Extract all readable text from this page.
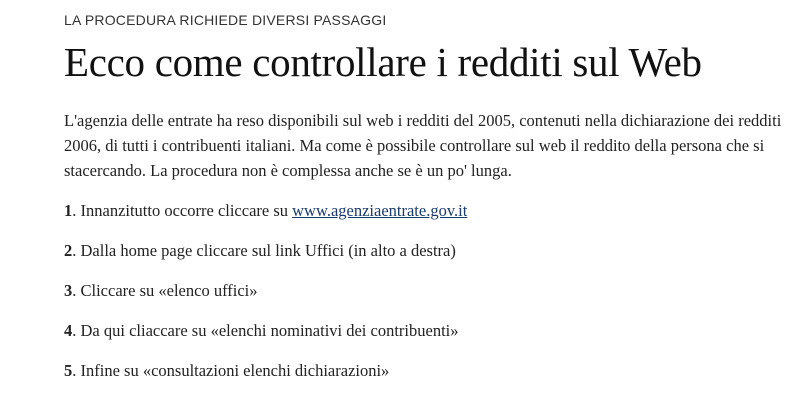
LA PROCEDURA RICHIEDE DIVERSI PASSAGGI
Ecco come controllare i redditi sul Web

L'agenzia delle entrate ha reso disponibili sul web i redditi del 2005, contenuti nella dichiarazione dei redditi 2006, di tutti i contribuenti italiani. Ma come è possibile controllare sul web il reddito della persona che si stacercando. La procedura non è complessa anche se è un po' lunga.

1. Innanzitutto occorre cliccare su www.agenziaentrate.gov.it
2. Dalla home page cliccare sul link Uffici (in alto a destra)
3. Cliccare su «elenco uffici»
4. Da qui cliaccare su «elenchi nominativi dei contribuenti»
5. Infine su «consultazioni elenchi dichiarazioni»
